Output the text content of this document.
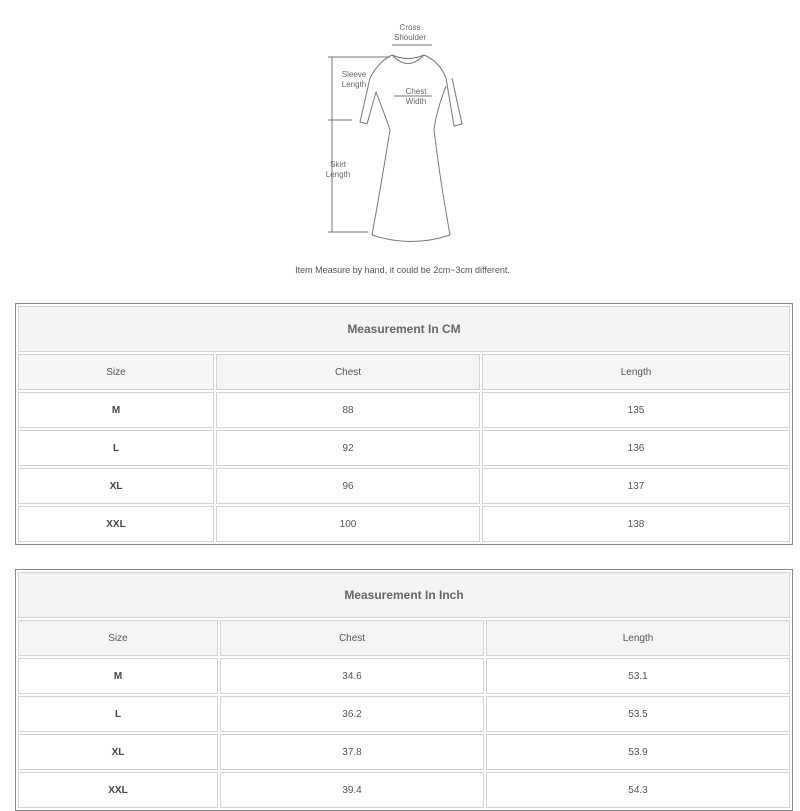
Cross
Shoulder
Sleeve
Length
Chest
Width
Skirt
Length
Item Measure by hand, it could be 2cm~3cm different.
Measurement In CM		
Size	Chest	Length
M	88	135
L	92	136
XL	96	137
XXL	100	138
Measurement In Inch		
Size	Chest	Length
M	34.6	53.1
L	36.2	53.5
XL	37.8	53.9
XXL	39.4	54.3
